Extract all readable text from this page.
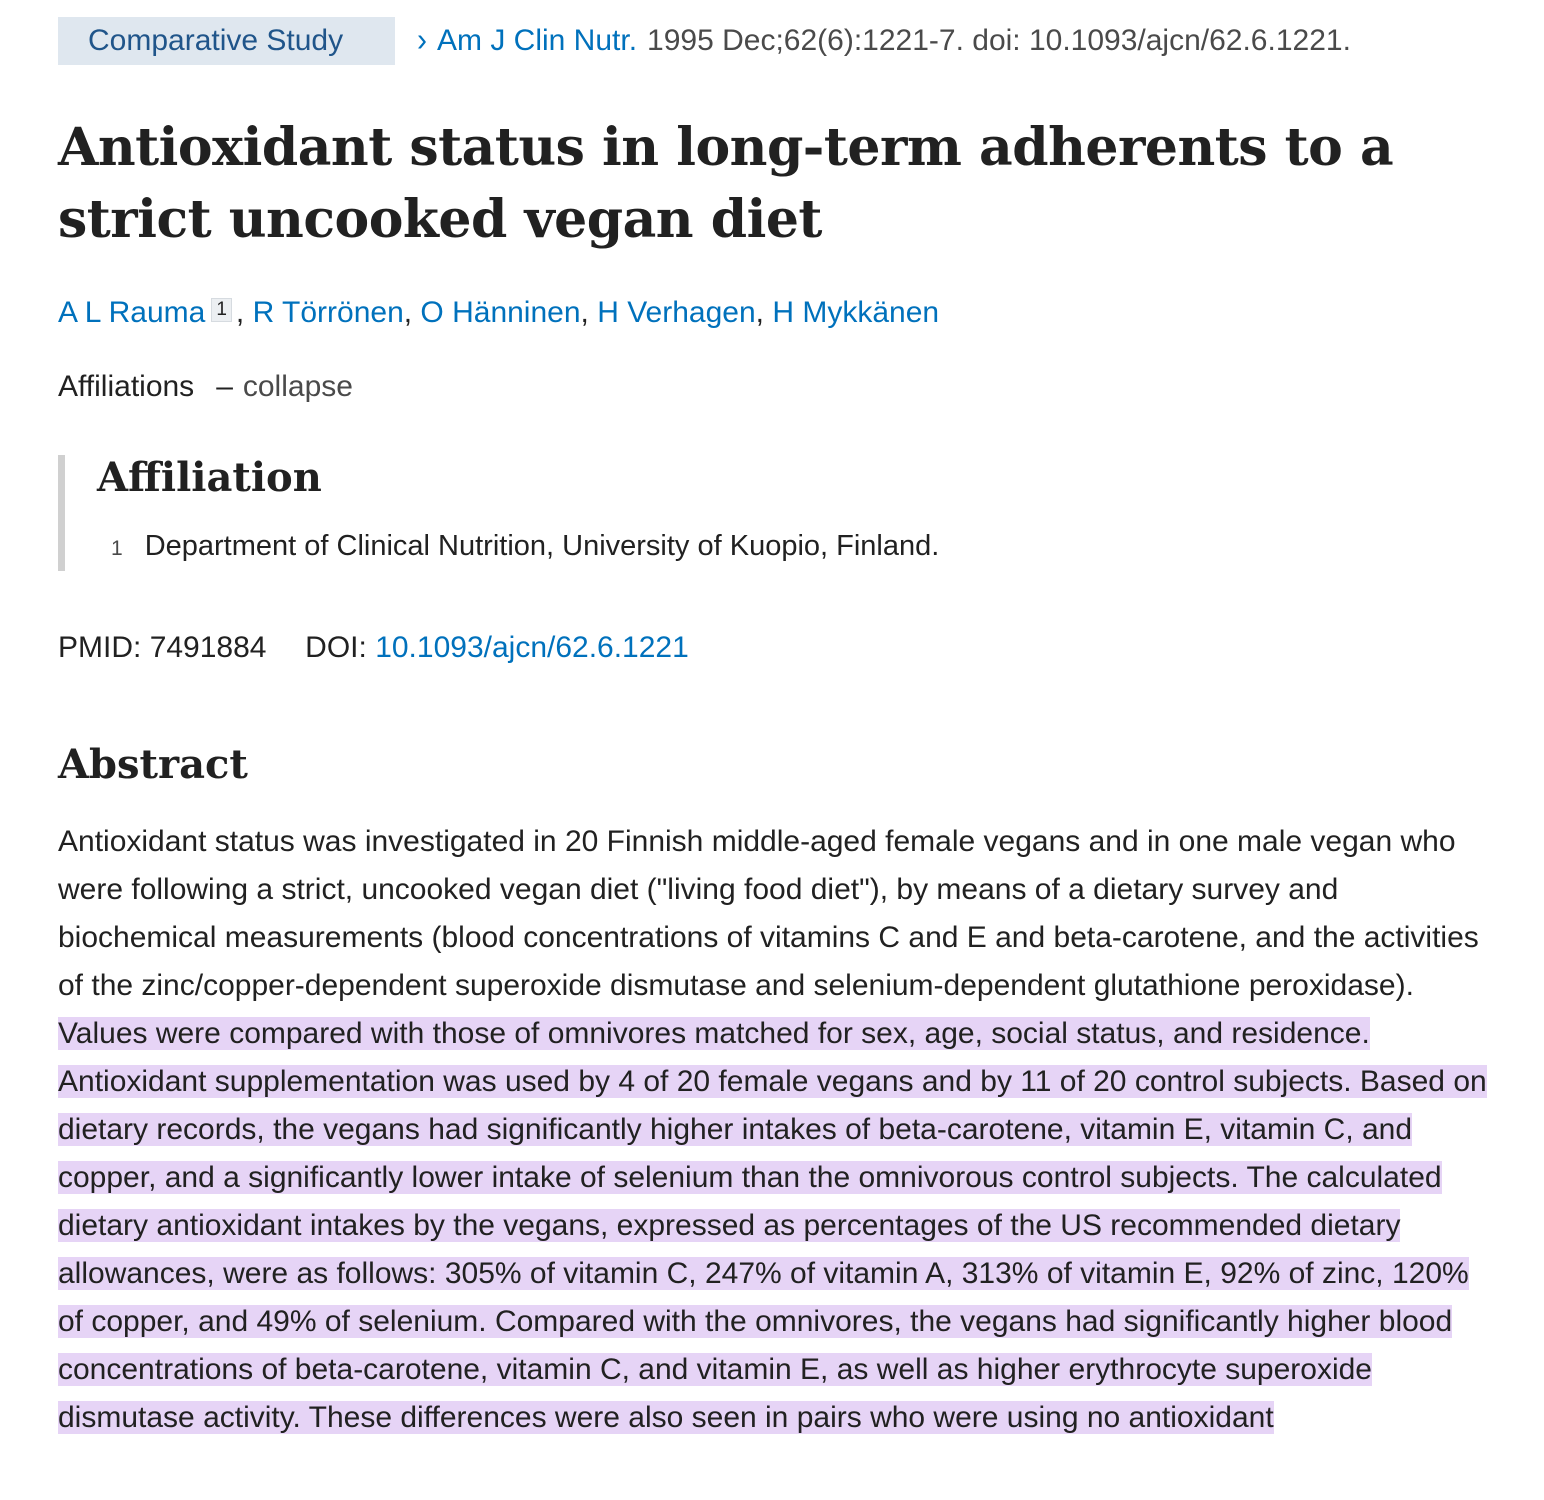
Comparative Study	› Am J Clin Nutr. 1995 Dec;62(6):1221-7. doi: 10.1093/ajcn/62.6.1221.
Antioxidant status in long-term adherents to a strict uncooked vegan diet
A L Rauma 1 , R Törrönen, O Hänninen, H Verhagen, H Mykkänen
Affiliations – collapse
Affiliation
1 Department of Clinical Nutrition, University of Kuopio, Finland.
PMID: 7491884 DOI: 10.1093/ajcn/62.6.1221
Abstract

Antioxidant status was investigated in 20 Finnish middle-aged female vegans and in one male vegan who were following a strict, uncooked vegan diet ("living food diet"), by means of a dietary survey and biochemical measurements (blood concentrations of vitamins C and E and beta-carotene, and the activities of the zinc/copper-dependent superoxide dismutase and selenium-dependent glutathione peroxidase). Values were compared with those of omnivores matched for sex, age, social status, and residence. Antioxidant supplementation was used by 4 of 20 female vegans and by 11 of 20 control subjects. Based on dietary records, the vegans had significantly higher intakes of beta-carotene, vitamin E, vitamin C, and copper, and a significantly lower intake of selenium than the omnivorous control subjects. The calculated dietary antioxidant intakes by the vegans, expressed as percentages of the US recommended dietary allowances, were as follows: 305% of vitamin C, 247% of vitamin A, 313% of vitamin E, 92% of zinc, 120% of copper, and 49% of selenium. Compared with the omnivores, the vegans had significantly higher blood concentrations of beta-carotene, vitamin C, and vitamin E, as well as higher erythrocyte superoxide dismutase activity. These differences were also seen in pairs who were using no antioxidant
